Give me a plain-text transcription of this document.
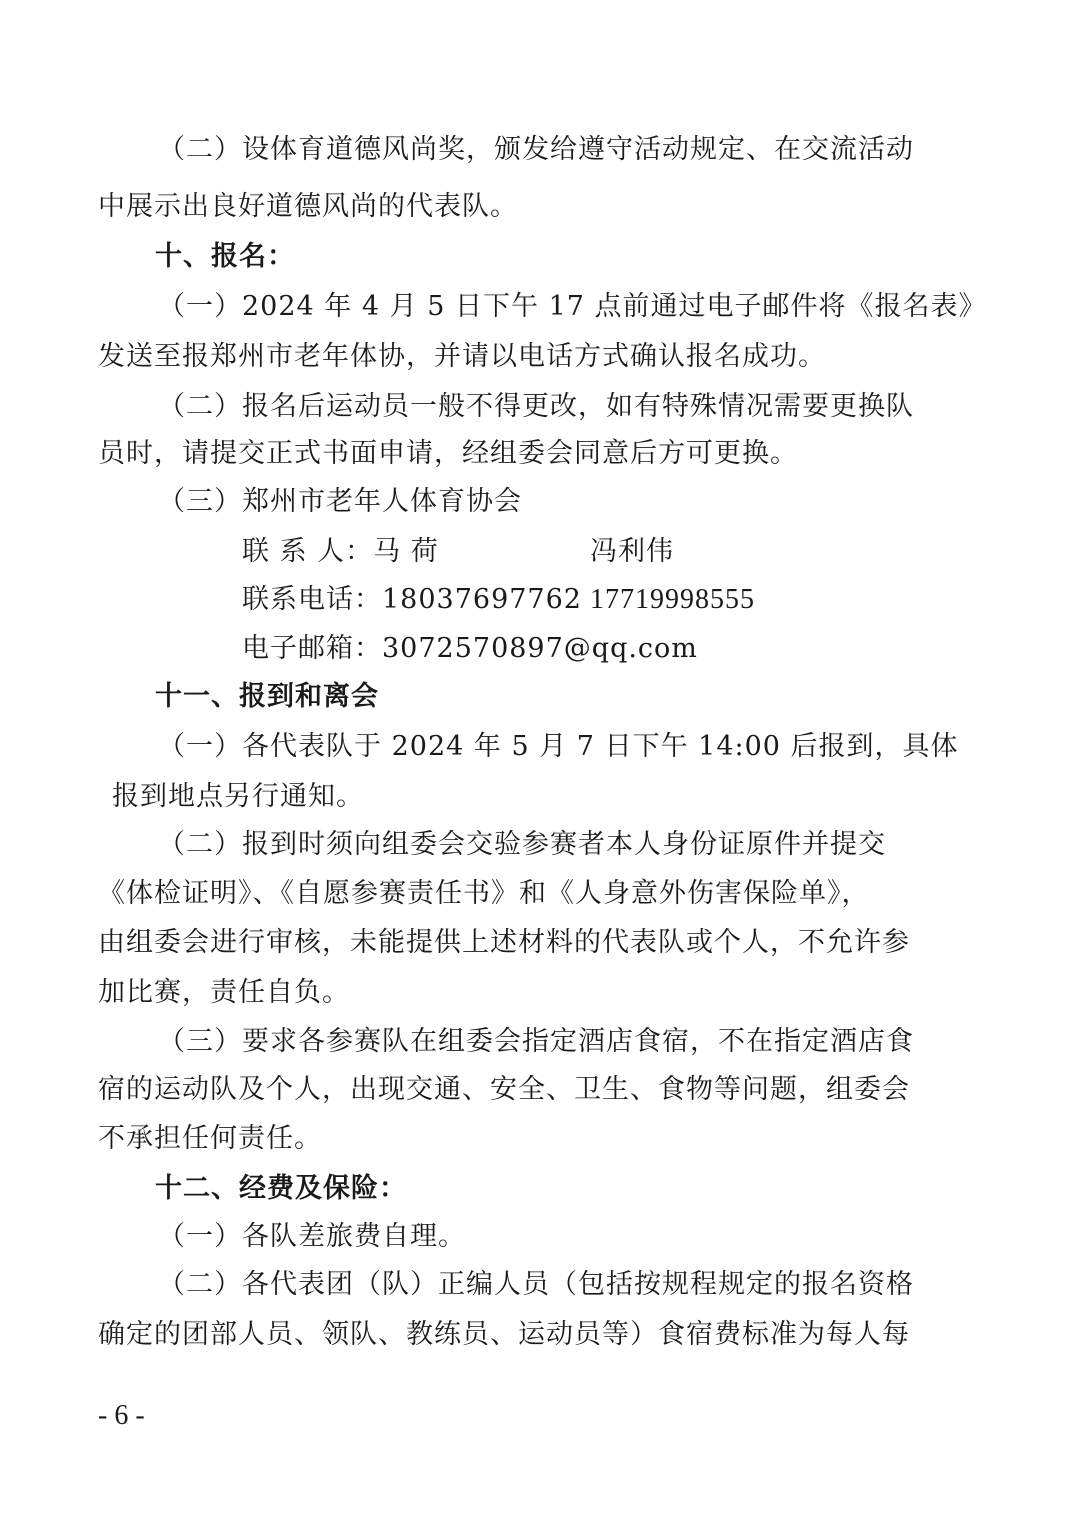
（二）设体育道德风尚奖，颁发给遵守活动规定、在交流活动
中展示出良好道德风尚的代表队。
十、报名：
（一）2024 年 4 月 5 日下午 17 点前通过电子邮件将《报名表》
发送至报郑州市老年体协，并请以电话方式确认报名成功。
（二）报名后运动员一般不得更改，如有特殊情况需要更换队
员时，请提交正式书面申请，经组委会同意后方可更换。
（三）郑州市老年人体育协会
联 系 人：马 荷	冯利伟
联系电话：18037697762 17719998555
电子邮箱：3072570897@qq.com
十一、报到和离会
（一）各代表队于 2024 年 5 月 7 日下午 14:00 后报到，具体
报到地点另行通知。
（二）报到时须向组委会交验参赛者本人身份证原件并提交
《体检证明》、《自愿参赛责任书》和《人身意外伤害保险单》，
由组委会进行审核，未能提供上述材料的代表队或个人，不允许参
加比赛，责任自负。
（三）要求各参赛队在组委会指定酒店食宿，不在指定酒店食
宿的运动队及个人，出现交通、安全、卫生、食物等问题，组委会
不承担任何责任。
十二、经费及保险：
（一）各队差旅费自理。
（二）各代表团（队）正编人员（包括按规程规定的报名资格
确定的团部人员、领队、教练员、运动员等）食宿费标准为每人每
- 6 -
